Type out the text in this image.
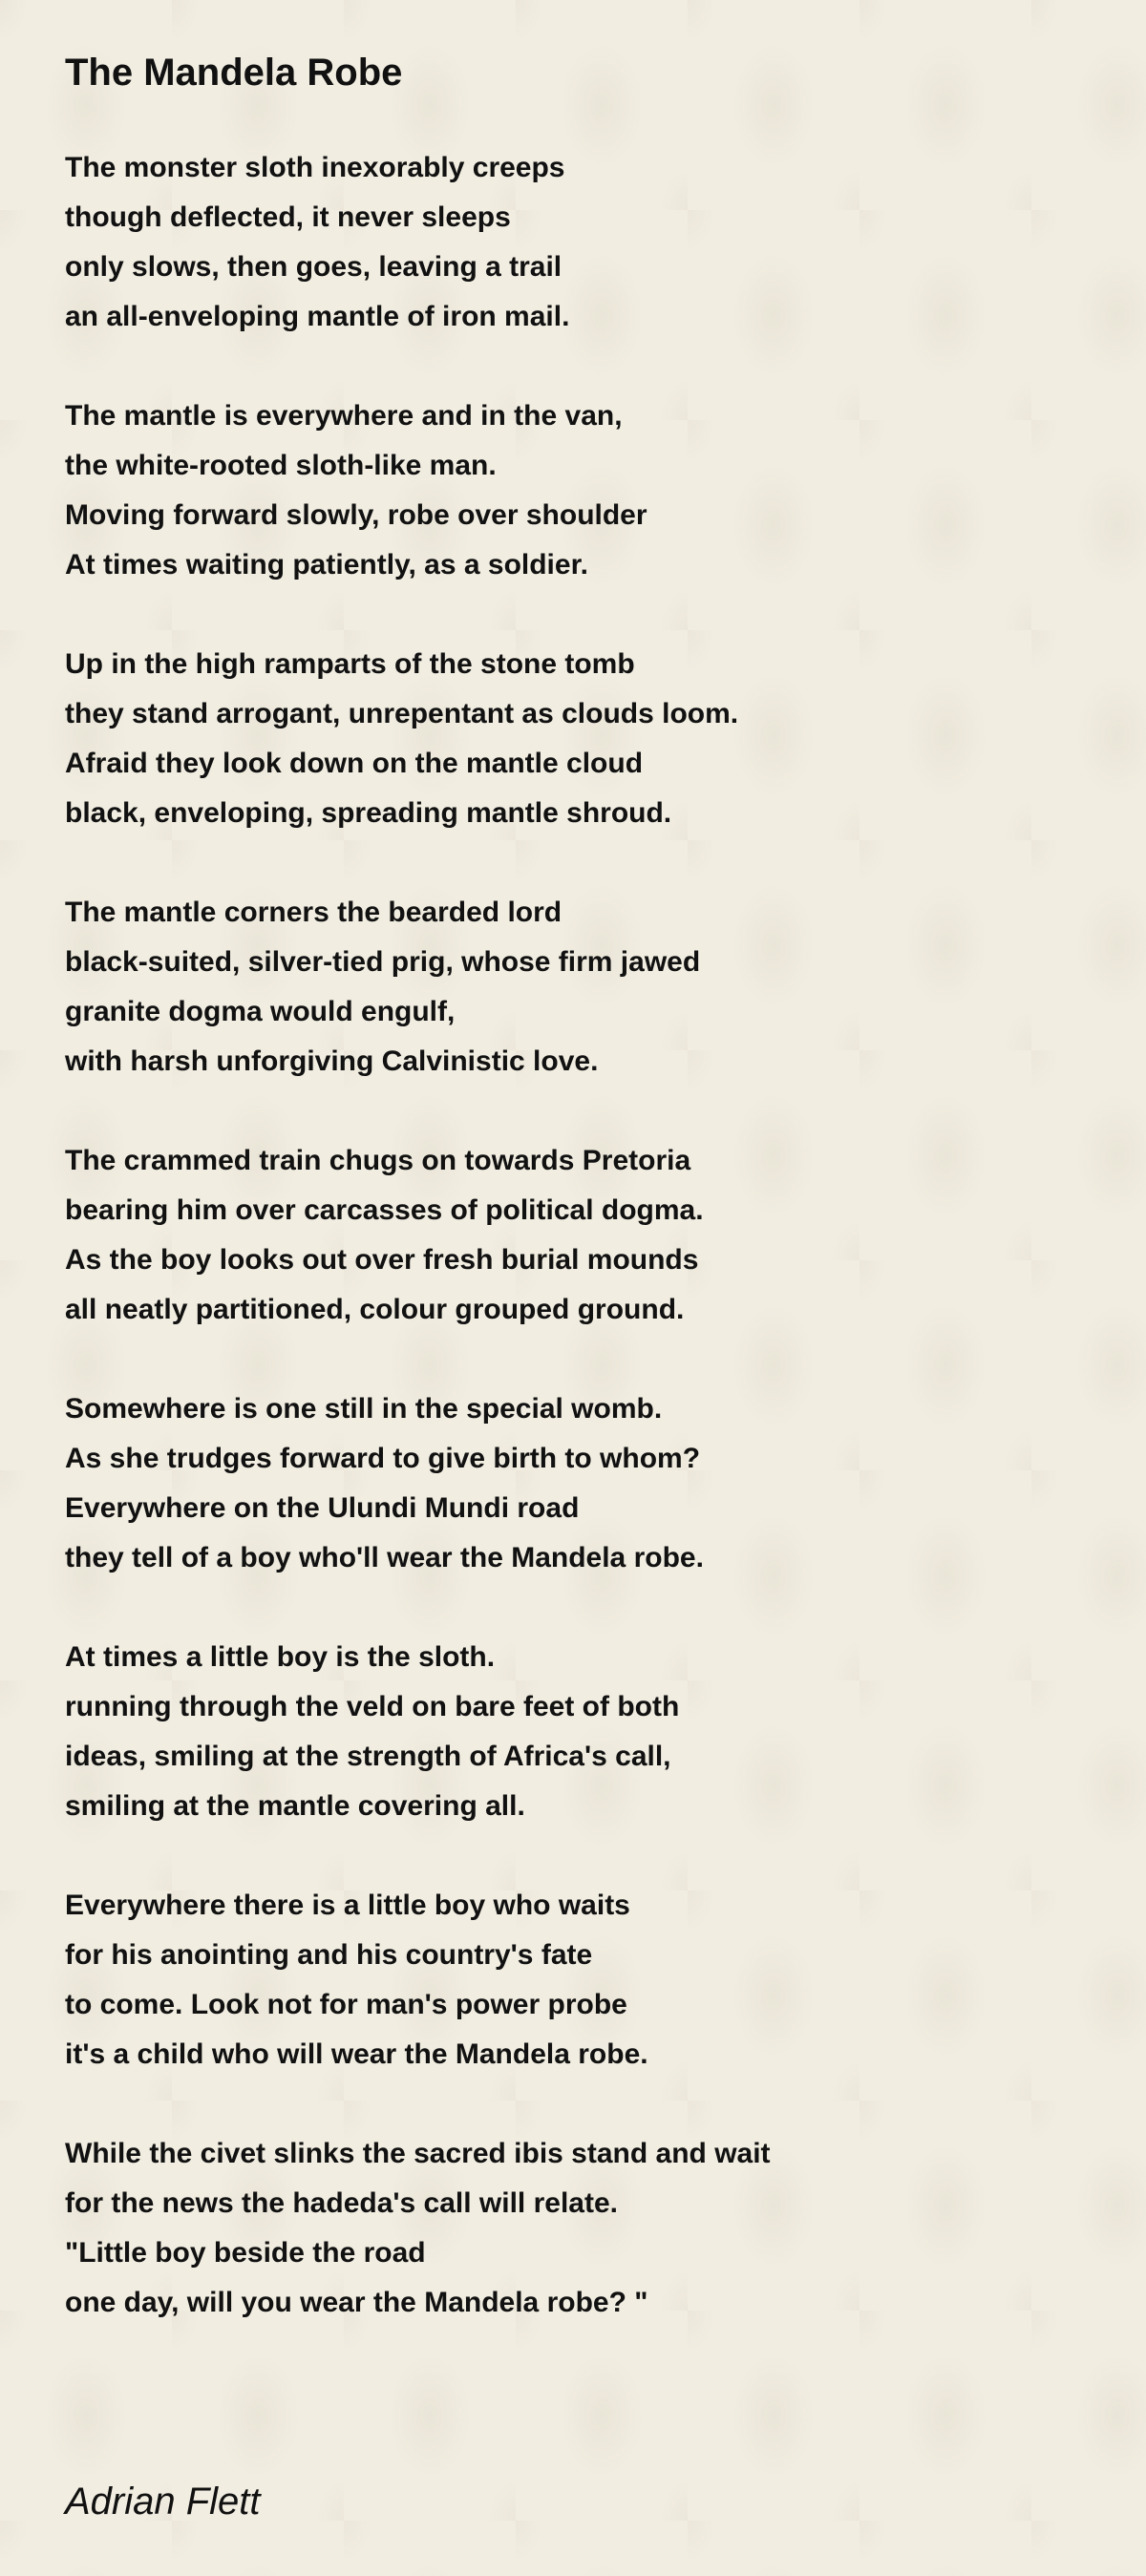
The Mandela Robe
The monster sloth inexorably creeps
though deflected, it never sleeps
only slows, then goes, leaving a trail
an all-enveloping mantle of iron mail.
The mantle is everywhere and in the van,
the white-rooted sloth-like man.
Moving forward slowly, robe over shoulder
At times waiting patiently, as a soldier.
Up in the high ramparts of the stone tomb
they stand arrogant, unrepentant as clouds loom.
Afraid they look down on the mantle cloud
black, enveloping, spreading mantle shroud.
The mantle corners the bearded lord
black-suited, silver-tied prig, whose firm jawed
granite dogma would engulf,
with harsh unforgiving Calvinistic love.
The crammed train chugs on towards Pretoria
bearing him over carcasses of political dogma.
As the boy looks out over fresh burial mounds
all neatly partitioned, colour grouped ground.
Somewhere is one still in the special womb.
As she trudges forward to give birth to whom?
Everywhere on the Ulundi Mundi road
they tell of a boy who'll wear the Mandela robe.
At times a little boy is the sloth.
running through the veld on bare feet of both
ideas, smiling at the strength of Africa's call,
smiling at the mantle covering all.
Everywhere there is a little boy who waits
for his anointing and his country's fate
to come. Look not for man's power probe
it's a child who will wear the Mandela robe.
While the civet slinks the sacred ibis stand and wait
for the news the hadeda's call will relate.
"Little boy beside the road
one day, will you wear the Mandela robe? "

Adrian Flett
